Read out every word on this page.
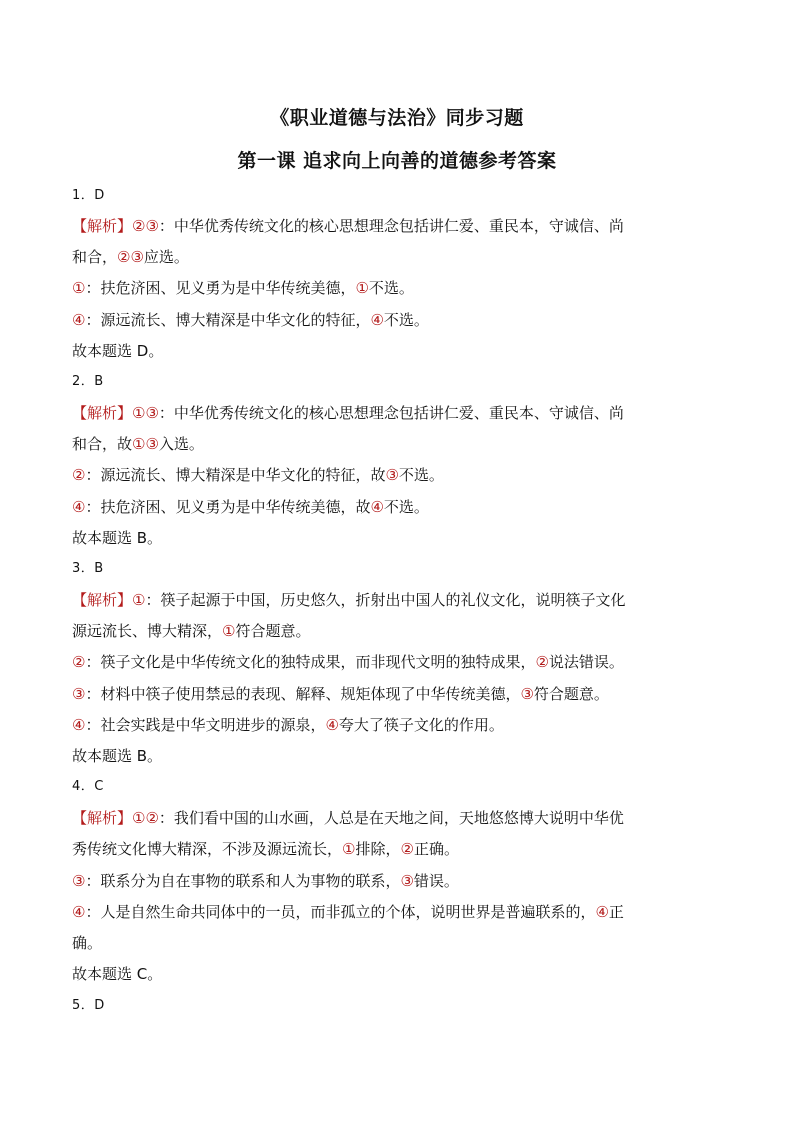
《职业道德与法治》同步习题
第一课 追求向上向善的道德参考答案
1．D
【解析】②③：中华优秀传统文化的核心思想理念包括讲仁爱、重民本，守诚信、尚
和合，②③应选。
①：扶危济困、见义勇为是中华传统美德，①不选。
④：源远流长、博大精深是中华文化的特征，④不选。
故本题选 D。
2．B
【解析】①③：中华优秀传统文化的核心思想理念包括讲仁爱、重民本、守诚信、尚
和合，故①③入选。
②：源远流长、博大精深是中华文化的特征，故③不选。
④：扶危济困、见义勇为是中华传统美德，故④不选。
故本题选 B。
3．B
【解析】①：筷子起源于中国，历史悠久，折射出中国人的礼仪文化，说明筷子文化
源远流长、博大精深，①符合题意。
②：筷子文化是中华传统文化的独特成果，而非现代文明的独特成果，②说法错误。
③：材料中筷子使用禁忌的表现、解释、规矩体现了中华传统美德，③符合题意。
④：社会实践是中华文明进步的源泉，④夸大了筷子文化的作用。
故本题选 B。
4．C
【解析】①②：我们看中国的山水画，人总是在天地之间，天地悠悠博大说明中华优
秀传统文化博大精深，不涉及源远流长，①排除，②正确。
③：联系分为自在事物的联系和人为事物的联系，③错误。
④：人是自然生命共同体中的一员，而非孤立的个体，说明世界是普遍联系的，④正
确。
故本题选 C。
5．D
